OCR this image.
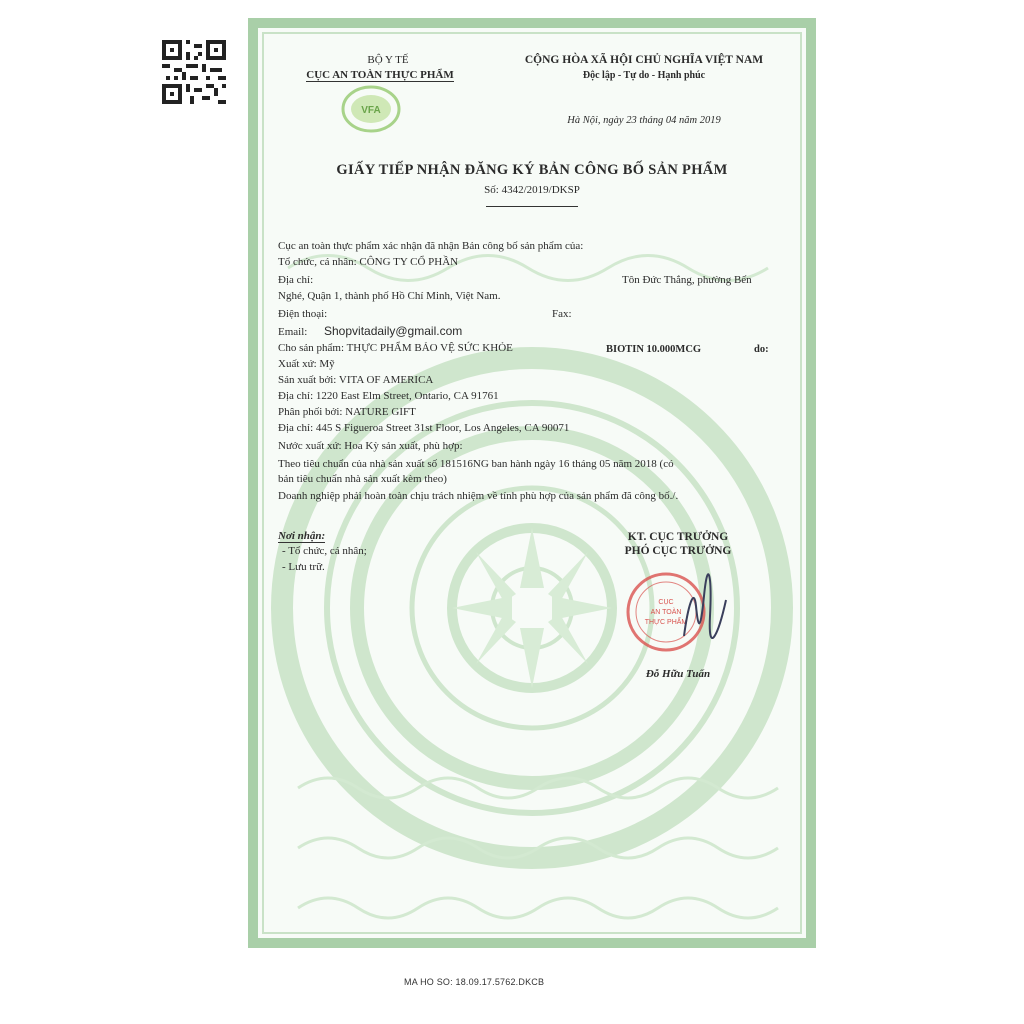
BỘ Y TẾ
CỤC AN TOÀN THỰC PHẨM
VFA
CỘNG HÒA XÃ HỘI CHỦ NGHĨA VIỆT NAM
Độc lập - Tự do - Hạnh phúc
Hà Nội, ngày 23 tháng 04 năm 2019
GIẤY TIẾP NHẬN ĐĂNG KÝ BẢN CÔNG BỐ SẢN PHẨM
Số: 4342/2019/DKSP
Cục an toàn thực phẩm xác nhận đã nhận Bản công bố sản phẩm của:
Tổ chức, cá nhân: CÔNG TY CỔ PHẦN
Địa chỉ:	Tôn Đức Thắng, phường Bến
Nghé, Quận 1, thành phố Hồ Chí Minh, Việt Nam.
Điện thoại:	Fax:
Email: Shopvitadaily@gmail.com
Cho sản phẩm: THỰC PHẨM BẢO VỆ SỨC KHỎE	BIOTIN 10.000MCG	do:
Xuất xứ: Mỹ
Sản xuất bởi: VITA OF AMERICA
Địa chỉ: 1220 East Elm Street, Ontario, CA 91761
Phân phối bởi: NATURE GIFT
Địa chỉ: 445 S Figueroa Street 31st Floor, Los Angeles, CA 90071
Nước xuất xứ: Hoa Kỳ sản xuất, phù hợp:
Theo tiêu chuẩn của nhà sản xuất số 181516NG ban hành ngày 16 tháng 05 năm 2018 (có
bản tiêu chuẩn nhà sản xuất kèm theo)
Doanh nghiệp phải hoàn toàn chịu trách nhiệm về tính phù hợp của sản phẩm đã công bố./.
Nơi nhận:
- Tổ chức, cá nhân;
- Lưu trữ.
KT. CỤC TRƯỞNG
PHÓ CỤC TRƯỞNG
CỤC
AN TOÀN
THỰC PHẨM
Đỗ Hữu Tuấn
MA HO SO: 18.09.17.5762.DKCB
